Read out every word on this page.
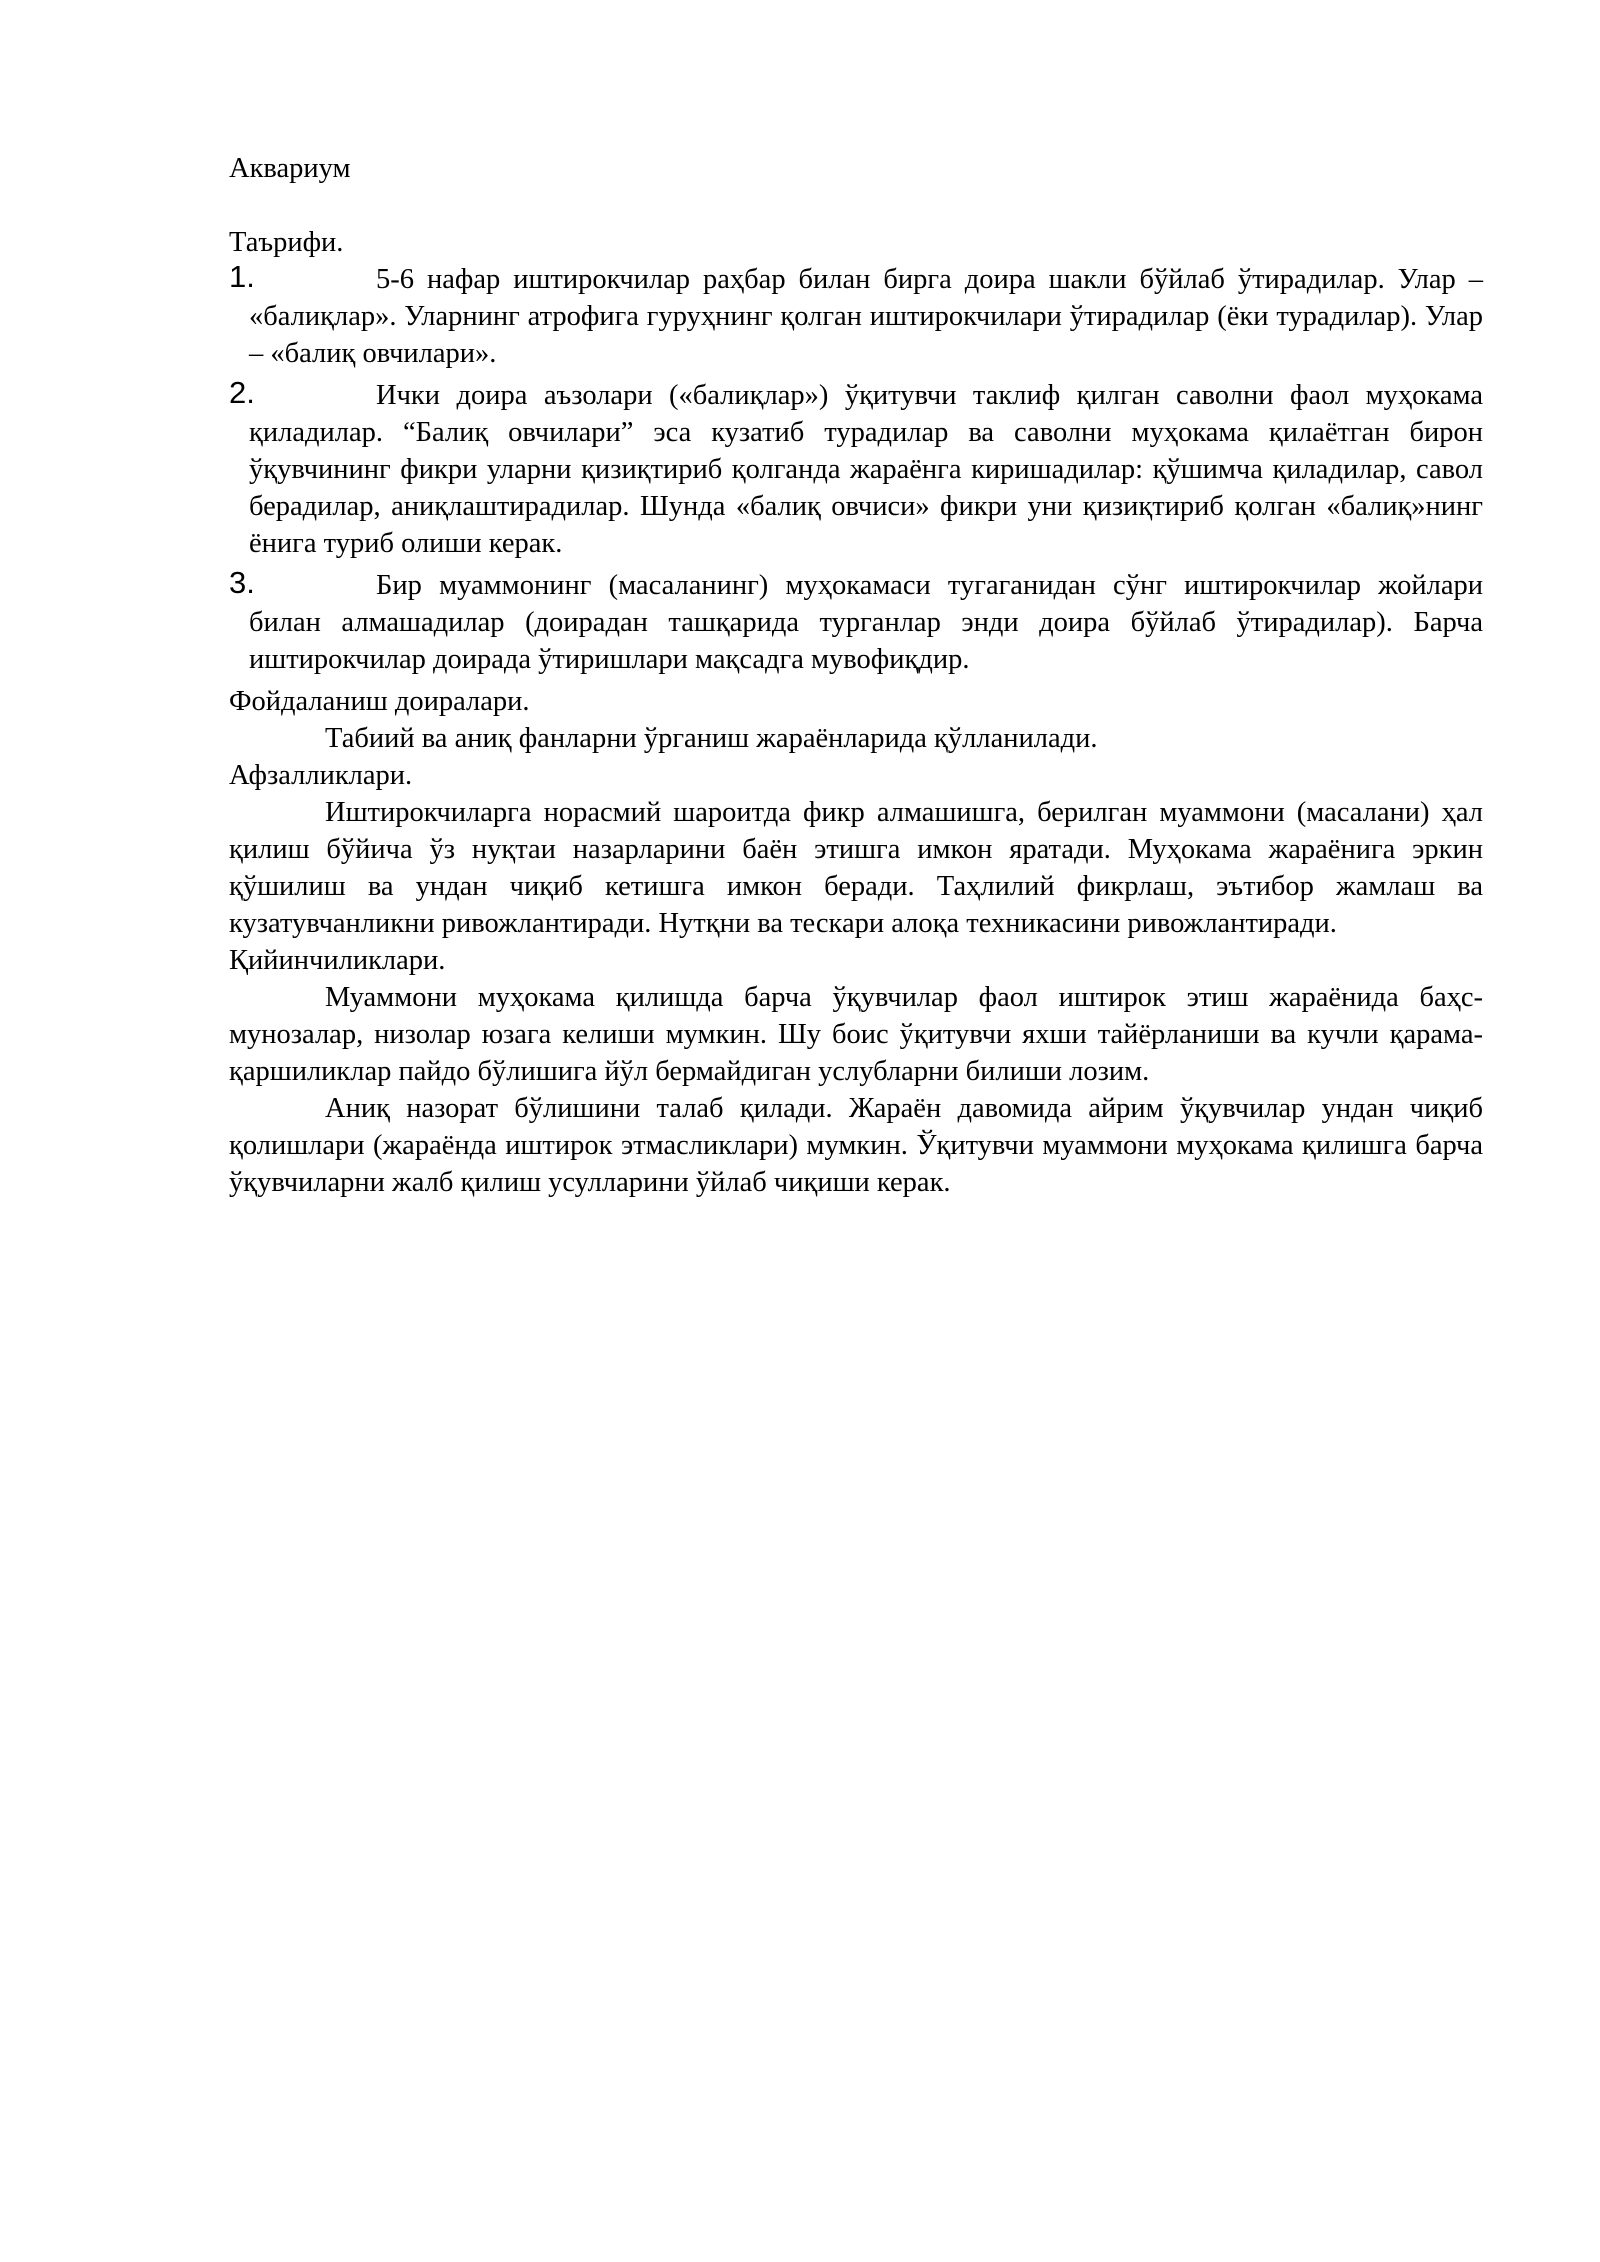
Аквариум

Таърифи.

1.	5-6 нафар иштирокчилар раҳбар билан бирга доира шакли бўйлаб ўтирадилар. Улар – «балиқлар». Уларнинг атрофига гуруҳнинг қолган иштирокчилари ўтирадилар (ёки турадилар). Улар – «балиқ овчилари».
2.	Ички доира аъзолари («балиқлар») ўқитувчи таклиф қилган саволни фаол муҳокама қиладилар. “Балиқ овчилари” эса кузатиб турадилар ва саволни муҳокама қилаётган бирон ўқувчининг фикри уларни қизиқтириб қолганда жараёнга киришадилар: қўшимча қиладилар, савол берадилар, аниқлаштирадилар. Шунда «балиқ овчиси» фикри уни қизиқтириб қолган «балиқ»нинг ёнига туриб олиши керак.
3.	Бир муаммонинг (масаланинг) муҳокамаси тугаганидан сўнг иштирокчилар жойлари билан алмашадилар (доирадан ташқарида турганлар энди доира бўйлаб ўтирадилар). Барча иштирокчилар доирада ўтиришлари мақсадга мувофиқдир.

Фойдаланиш доиралари.

Табиий ва аниқ фанларни ўрганиш жараёнларида қўлланилади.

Афзалликлари.

Иштирокчиларга норасмий шароитда фикр алмашишга, берилган муаммони (масалани) ҳал қилиш бўйича ўз нуқтаи назарларини баён этишга имкон яратади. Муҳокама жараёнига эркин қўшилиш ва ундан чиқиб кетишга имкон беради. Таҳлилий фикрлаш, эътибор жамлаш ва кузатувчанликни ривожлантиради. Нутқни ва тескари алоқа техникасини ривожлантиради.

Қийинчиликлари.

Муаммони муҳокама қилишда барча ўқувчилар фаол иштирок этиш жараёнида баҳс-мунозалар, низолар юзага келиши мумкин. Шу боис ўқитувчи яхши тайёрланиши ва кучли қарама-қаршиликлар пайдо бўлишига йўл бермайдиган услубларни билиши лозим.

Аниқ назорат бўлишини талаб қилади. Жараён давомида айрим ўқувчилар ундан чиқиб қолишлари (жараёнда иштирок этмасликлари) мумкин. Ўқитувчи муаммони муҳокама қилишга барча ўқувчиларни жалб қилиш усулларини ўйлаб чиқиши керак.
